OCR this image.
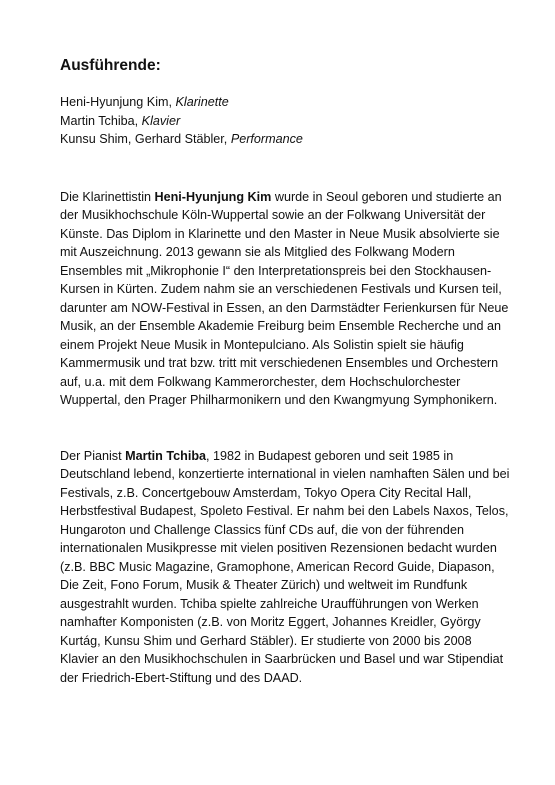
Ausführende:

Heni-Hyunjung Kim, Klarinette
Martin Tchiba, Klavier
Kunsu Shim, Gerhard Stäbler, Performance

Die Klarinettistin Heni-Hyunjung Kim wurde in Seoul geboren und studierte an der Musikhochschule Köln-Wuppertal sowie an der Folkwang Universität der Künste. Das Diplom in Klarinette und den Master in Neue Musik absolvierte sie mit Auszeichnung. 2013 gewann sie als Mitglied des Folkwang Modern Ensembles mit „Mikrophonie I“ den Interpretationspreis bei den Stockhausen-Kursen in Kürten. Zudem nahm sie an verschiedenen Festivals und Kursen teil, darunter am NOW-Festival in Essen, an den Darmstädter Ferienkursen für Neue Musik, an der Ensemble Akademie Freiburg beim Ensemble Recherche und an einem Projekt Neue Musik in Montepulciano. Als Solistin spielt sie häufig Kammermusik und trat bzw. tritt mit verschiedenen Ensembles und Orchestern auf, u.a. mit dem Folkwang Kammerorchester, dem Hochschulorchester Wuppertal, den Prager Philharmonikern und den Kwangmyung Symphonikern.

Der Pianist Martin Tchiba, 1982 in Budapest geboren und seit 1985 in Deutschland lebend, konzertierte international in vielen namhaften Sälen und bei Festivals, z.B. Concertgebouw Amsterdam, Tokyo Opera City Recital Hall, Herbstfestival Budapest, Spoleto Festival. Er nahm bei den Labels Naxos, Telos, Hungaroton und Challenge Classics fünf CDs auf, die von der führenden internationalen Musikpresse mit vielen positiven Rezensionen bedacht wurden (z.B. BBC Music Magazine, Gramophone, American Record Guide, Diapason, Die Zeit, Fono Forum, Musik & Theater Zürich) und weltweit im Rundfunk ausgestrahlt wurden. Tchiba spielte zahlreiche Uraufführungen von Werken namhafter Komponisten (z.B. von Moritz Eggert, Johannes Kreidler, György Kurtág, Kunsu Shim und Gerhard Stäbler). Er studierte von 2000 bis 2008 Klavier an den Musikhochschulen in Saarbrücken und Basel und war Stipendiat der Friedrich-Ebert-Stiftung und des DAAD.
